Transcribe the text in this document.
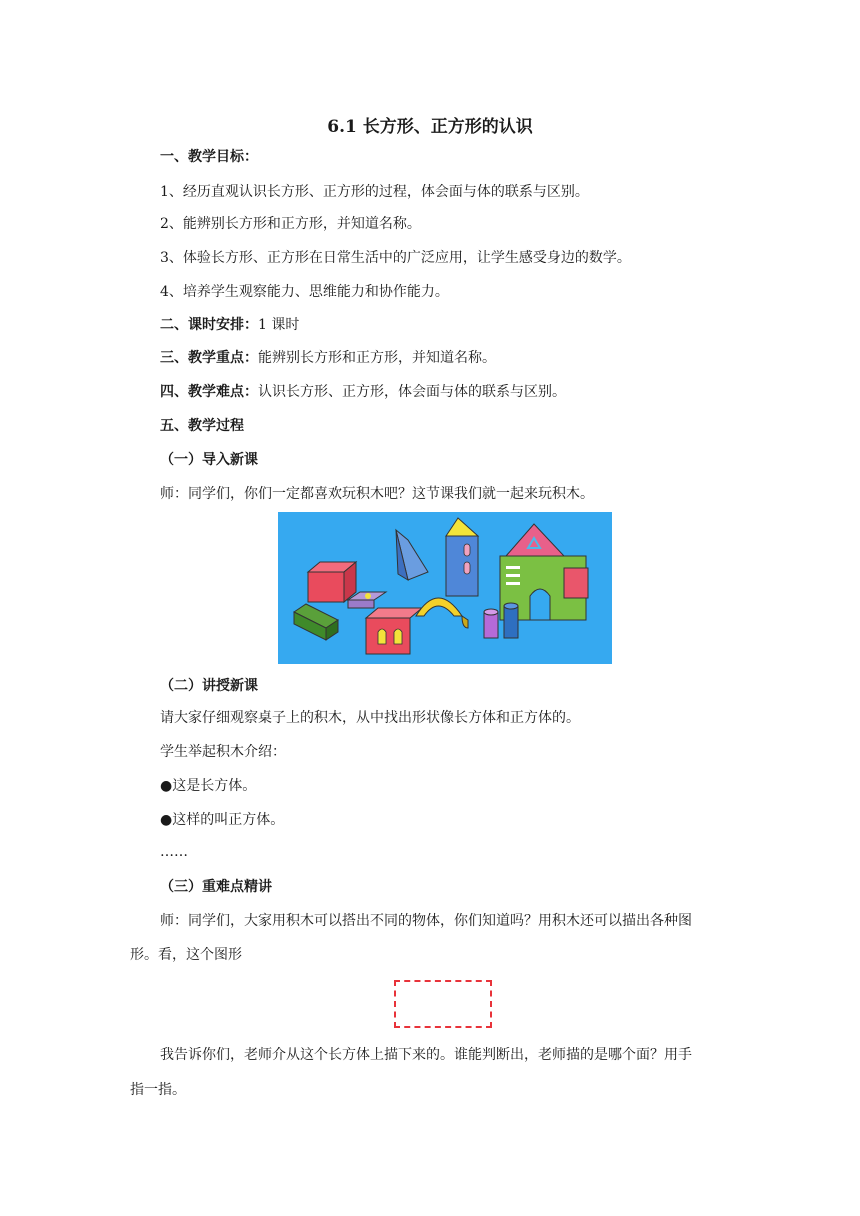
6.1 长方形、正方形的认识
一、教学目标：
1、经历直观认识长方形、正方形的过程，体会面与体的联系与区别。
2、能辨别长方形和正方形，并知道名称。
3、体验长方形、正方形在日常生活中的广泛应用，让学生感受身边的数学。
4、培养学生观察能力、思维能力和协作能力。
二、课时安排：1 课时
三、教学重点：能辨别长方形和正方形，并知道名称。
四、教学难点：认识长方形、正方形，体会面与体的联系与区别。
五、教学过程
（一）导入新课
师：同学们，你们一定都喜欢玩积木吧？这节课我们就一起来玩积木。
（二）讲授新课
请大家仔细观察桌子上的积木，从中找出形状像长方体和正方体的。
学生举起积木介绍：
●这是长方体。
●这样的叫正方体。
……
（三）重难点精讲
师：同学们，大家用积木可以搭出不同的物体，你们知道吗？用积木还可以描出各种图
形。看，这个图形
我告诉你们，老师介从这个长方体上描下来的。谁能判断出，老师描的是哪个面？用手
指一指。
